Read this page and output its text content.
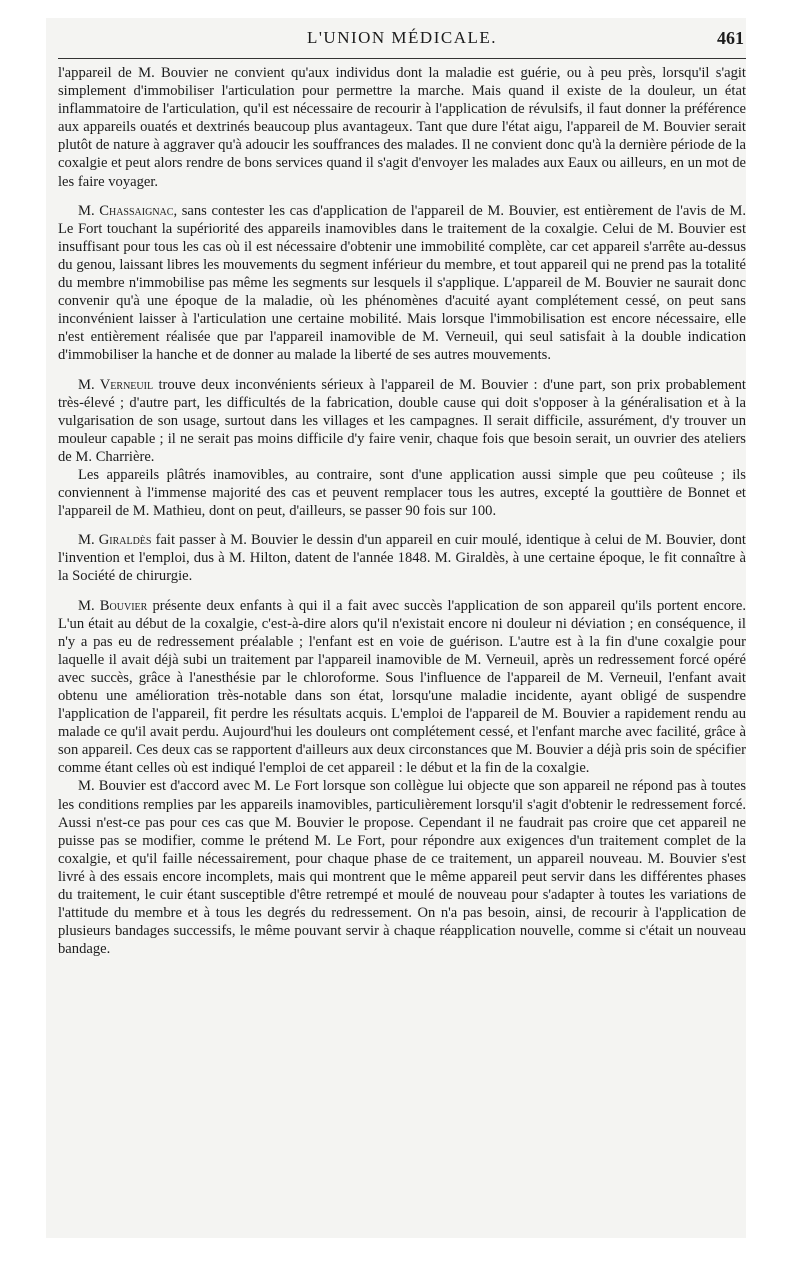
L'UNION MÉDICALE.	461

l'appareil de M. Bouvier ne convient qu'aux individus dont la maladie est guérie, ou à peu près, lorsqu'il s'agit simplement d'immobiliser l'articulation pour permettre la marche. Mais quand il existe de la douleur, un état inflammatoire de l'articulation, qu'il est nécessaire de recourir à l'application de révulsifs, il faut donner la préférence aux appareils ouatés et dextrinés beaucoup plus avantageux. Tant que dure l'état aigu, l'appareil de M. Bouvier serait plutôt de nature à aggraver qu'à adoucir les souffrances des malades. Il ne convient donc qu'à la dernière période de la coxalgie et peut alors rendre de bons services quand il s'agit d'envoyer les malades aux Eaux ou ailleurs, en un mot de les faire voyager.

M. Chassaignac, sans contester les cas d'application de l'appareil de M. Bouvier, est entièrement de l'avis de M. Le Fort touchant la supériorité des appareils inamovibles dans le traitement de la coxalgie. Celui de M. Bouvier est insuffisant pour tous les cas où il est nécessaire d'obtenir une immobilité complète, car cet appareil s'arrête au-dessus du genou, laissant libres les mouvements du segment inférieur du membre, et tout appareil qui ne prend pas la totalité du membre n'immobilise pas même les segments sur lesquels il s'applique. L'appareil de M. Bouvier ne saurait donc convenir qu'à une époque de la maladie, où les phénomènes d'acuité ayant complétement cessé, on peut sans inconvénient laisser à l'articulation une certaine mobilité. Mais lorsque l'immobilisation est encore nécessaire, elle n'est entièrement réalisée que par l'appareil inamovible de M. Verneuil, qui seul satisfait à la double indication d'immobiliser la hanche et de donner au malade la liberté de ses autres mouvements.

M. Verneuil trouve deux inconvénients sérieux à l'appareil de M. Bouvier : d'une part, son prix probablement très-élevé ; d'autre part, les difficultés de la fabrication, double cause qui doit s'opposer à la généralisation et à la vulgarisation de son usage, surtout dans les villages et les campagnes. Il serait difficile, assurément, d'y trouver un mouleur capable ; il ne serait pas moins difficile d'y faire venir, chaque fois que besoin serait, un ouvrier des ateliers de M. Charrière.

Les appareils plâtrés inamovibles, au contraire, sont d'une application aussi simple que peu coûteuse ; ils conviennent à l'immense majorité des cas et peuvent remplacer tous les autres, excepté la gouttière de Bonnet et l'appareil de M. Mathieu, dont on peut, d'ailleurs, se passer 90 fois sur 100.

M. Giraldès fait passer à M. Bouvier le dessin d'un appareil en cuir moulé, identique à celui de M. Bouvier, dont l'invention et l'emploi, dus à M. Hilton, datent de l'année 1848. M. Giraldès, à une certaine époque, le fit connaître à la Société de chirurgie.

M. Bouvier présente deux enfants à qui il a fait avec succès l'application de son appareil qu'ils portent encore. L'un était au début de la coxalgie, c'est-à-dire alors qu'il n'existait encore ni douleur ni déviation ; en conséquence, il n'y a pas eu de redressement préalable ; l'enfant est en voie de guérison. L'autre est à la fin d'une coxalgie pour laquelle il avait déjà subi un traitement par l'appareil inamovible de M. Verneuil, après un redressement forcé opéré avec succès, grâce à l'anesthésie par le chloroforme. Sous l'influence de l'appareil de M. Verneuil, l'enfant avait obtenu une amélioration très-notable dans son état, lorsqu'une maladie incidente, ayant obligé de suspendre l'application de l'appareil, fit perdre les résultats acquis. L'emploi de l'appareil de M. Bouvier a rapidement rendu au malade ce qu'il avait perdu. Aujourd'hui les douleurs ont complétement cessé, et l'enfant marche avec facilité, grâce à son appareil. Ces deux cas se rapportent d'ailleurs aux deux circonstances que M. Bouvier a déjà pris soin de spécifier comme étant celles où est indiqué l'emploi de cet appareil : le début et la fin de la coxalgie.

M. Bouvier est d'accord avec M. Le Fort lorsque son collègue lui objecte que son appareil ne répond pas à toutes les conditions remplies par les appareils inamovibles, particulièrement lorsqu'il s'agit d'obtenir le redressement forcé. Aussi n'est-ce pas pour ces cas que M. Bouvier le propose. Cependant il ne faudrait pas croire que cet appareil ne puisse pas se modifier, comme le prétend M. Le Fort, pour répondre aux exigences d'un traitement complet de la coxalgie, et qu'il faille nécessairement, pour chaque phase de ce traitement, un appareil nouveau. M. Bouvier s'est livré à des essais encore incomplets, mais qui montrent que le même appareil peut servir dans les différentes phases du traitement, le cuir étant susceptible d'être retrempé et moulé de nouveau pour s'adapter à toutes les variations de l'attitude du membre et à tous les degrés du redressement. On n'a pas besoin, ainsi, de recourir à l'application de plusieurs bandages successifs, le même pouvant servir à chaque réapplication nouvelle, comme si c'était un nouveau bandage.
